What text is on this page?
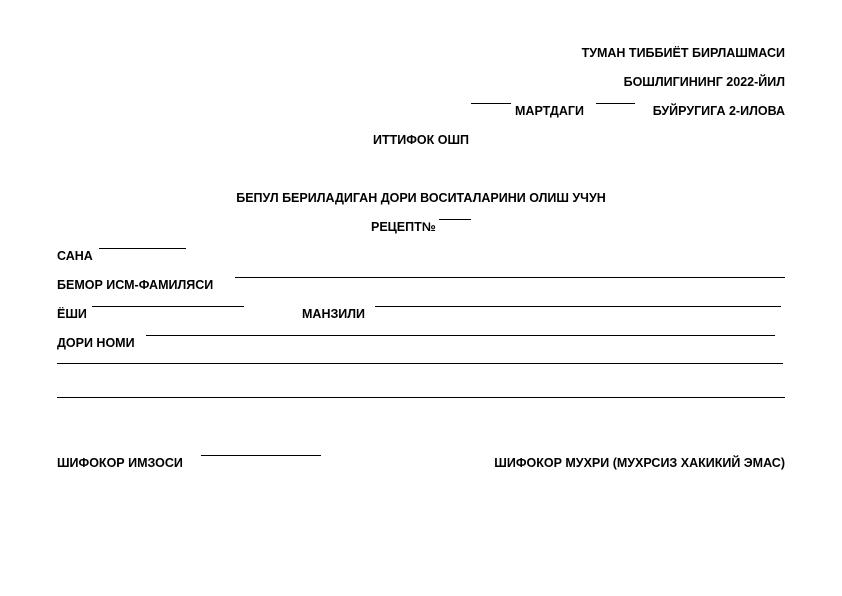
ТУМАН ТИББИЁТ БИРЛАШМАСИ
БОШЛИГИНИНГ 2022-ЙИЛ
МАРТДАГИ	БУЙРУГИГА 2-ИЛОВА
ИТТИФОК ОШП
БЕПУЛ БЕРИЛАДИГАН ДОРИ ВОСИТАЛАРИНИ ОЛИШ УЧУН
РЕЦЕПТ№
САНА
БЕМОР ИСМ-ФАМИЛЯСИ
ЁШИ	МАНЗИЛИ
ДОРИ НОМИ
ШИФОКОР ИМЗОСИ	ШИФОКОР МУХРИ (МУХРСИЗ ХАКИКИЙ ЭМАС)
